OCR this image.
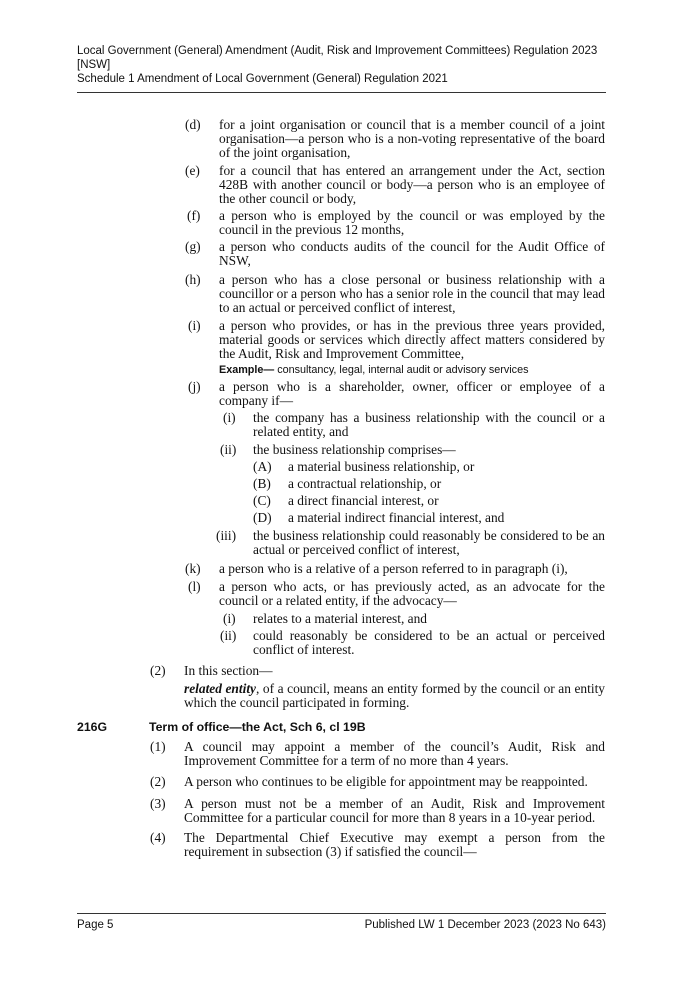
Local Government (General) Amendment (Audit, Risk and Improvement Committees) Regulation 2023
[NSW]
Schedule 1 Amendment of Local Government (General) Regulation 2021
(d) for a joint organisation or council that is a member council of a joint organisation—a person who is a non-voting representative of the board of the joint organisation,
(e) for a council that has entered an arrangement under the Act, section 428B with another council or body—a person who is an employee of the other council or body,
(f) a person who is employed by the council or was employed by the council in the previous 12 months,
(g) a person who conducts audits of the council for the Audit Office of NSW,
(h) a person who has a close personal or business relationship with a councillor or a person who has a senior role in the council that may lead to an actual or perceived conflict of interest,
(i) a person who provides, or has in the previous three years provided, material goods or services which directly affect matters considered by the Audit, Risk and Improvement Committee,
Example— consultancy, legal, internal audit or advisory services
(j) a person who is a shareholder, owner, officer or employee of a company if—
(i) the company has a business relationship with the council or a related entity, and
(ii) the business relationship comprises—
(A) a material business relationship, or
(B) a contractual relationship, or
(C) a direct financial interest, or
(D) a material indirect financial interest, and
(iii) the business relationship could reasonably be considered to be an actual or perceived conflict of interest,
(k) a person who is a relative of a person referred to in paragraph (i),
(l) a person who acts, or has previously acted, as an advocate for the council or a related entity, if the advocacy—
(i) relates to a material interest, and
(ii) could reasonably be considered to be an actual or perceived conflict of interest.
(2) In this section—
related entity, of a council, means an entity formed by the council or an entity which the council participated in forming.
216G	Term of office—the Act, Sch 6, cl 19B
(1) A council may appoint a member of the council’s Audit, Risk and Improvement Committee for a term of no more than 4 years.
(2) A person who continues to be eligible for appointment may be reappointed.
(3) A person must not be a member of an Audit, Risk and Improvement Committee for a particular council for more than 8 years in a 10-year period.
(4) The Departmental Chief Executive may exempt a person from the requirement in subsection (3) if satisfied the council—
Page 5	Published LW 1 December 2023 (2023 No 643)
